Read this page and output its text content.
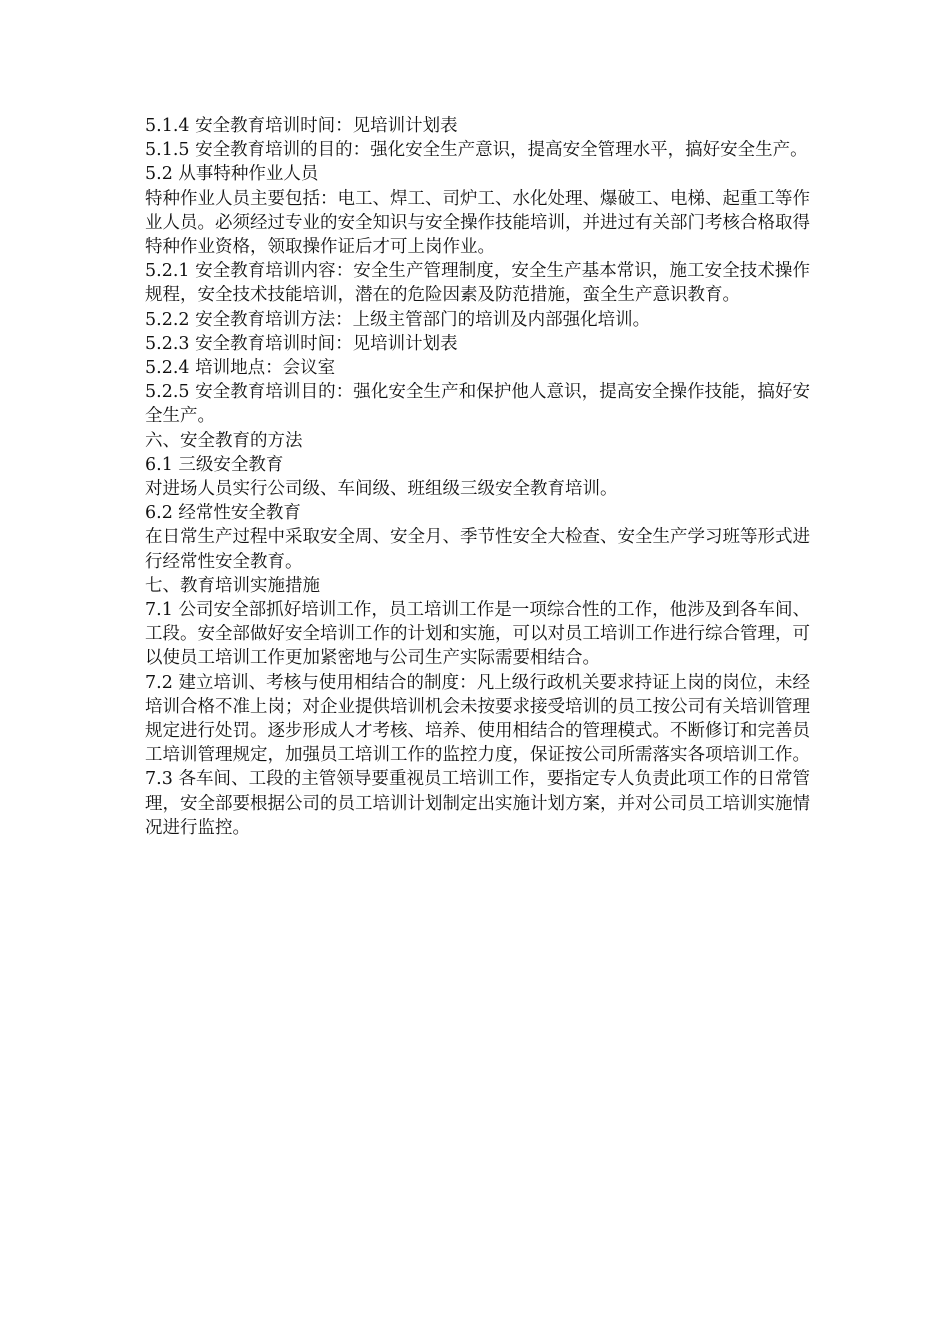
5.1.4 安全教育培训时间：见培训计划表

5.1.5 安全教育培训的目的：强化安全生产意识，提高安全管理水平，搞好安全生产。

5.2 从事特种作业人员

特种作业人员主要包括：电工、焊工、司炉工、水化处理、爆破工、电梯、起重工等作业人员。必须经过专业的安全知识与安全操作技能培训，并进过有关部门考核合格取得特种作业资格，领取操作证后才可上岗作业。

5.2.1 安全教育培训内容：安全生产管理制度，安全生产基本常识，施工安全技术操作规程，安全技术技能培训，潜在的危险因素及防范措施，蛮全生产意识教育。

5.2.2 安全教育培训方法：上级主管部门的培训及内部强化培训。

5.2.3 安全教育培训时间：见培训计划表

5.2.4 培训地点：会议室

5.2.5 安全教育培训目的：强化安全生产和保护他人意识，提高安全操作技能，搞好安全生产。

六、安全教育的方法

6.1 三级安全教育

对进场人员实行公司级、车间级、班组级三级安全教育培训。

6.2 经常性安全教育

在日常生产过程中采取安全周、安全月、季节性安全大检查、安全生产学习班等形式进行经常性安全教育。

七、教育培训实施措施

7.1 公司安全部抓好培训工作，员工培训工作是一项综合性的工作，他涉及到各车间、工段。安全部做好安全培训工作的计划和实施，可以对员工培训工作进行综合管理，可以使员工培训工作更加紧密地与公司生产实际需要相结合。

7.2 建立培训、考核与使用相结合的制度：凡上级行政机关要求持证上岗的岗位，未经培训合格不准上岗；对企业提供培训机会未按要求接受培训的员工按公司有关培训管理规定进行处罚。逐步形成人才考核、培养、使用相结合的管理模式。不断修订和完善员工培训管理规定，加强员工培训工作的监控力度，保证按公司所需落实各项培训工作。

7.3 各车间、工段的主管领导要重视员工培训工作，要指定专人负责此项工作的日常管理，安全部要根据公司的员工培训计划制定出实施计划方案，并对公司员工培训实施情况进行监控。
